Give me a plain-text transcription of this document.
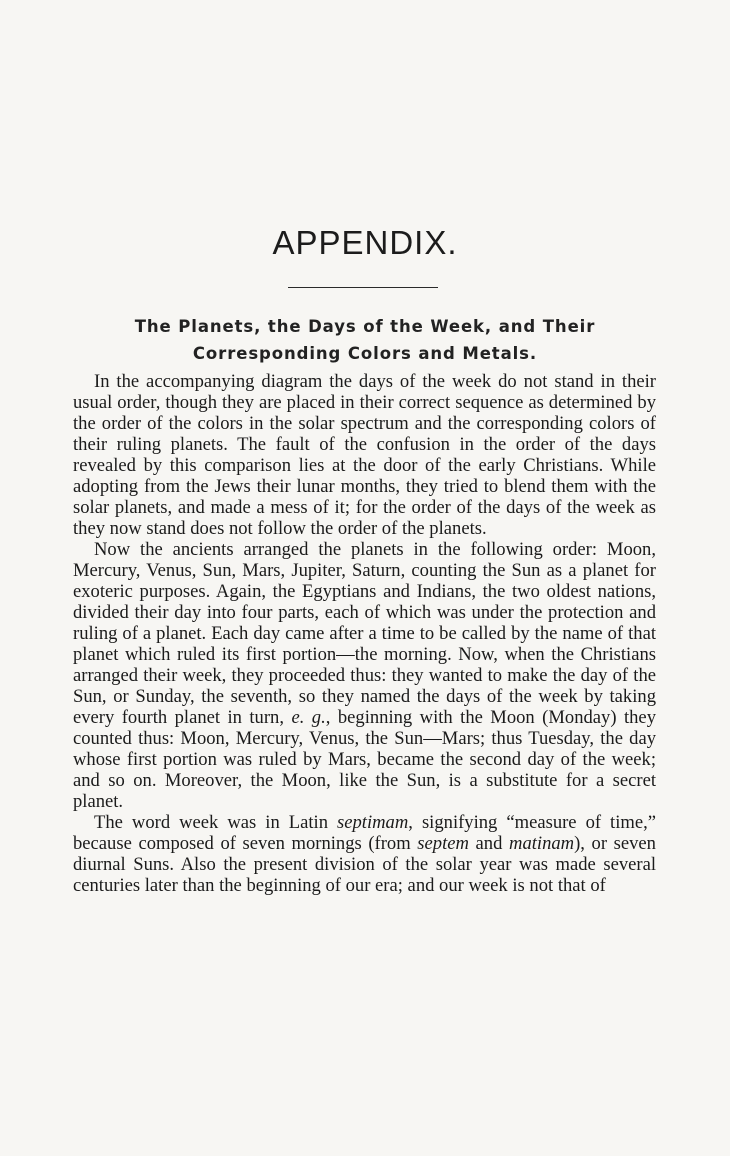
APPENDIX.
The Planets, the Days of the Week, and Their
Corresponding Colors and Metals.

In the accompanying diagram the days of the week do not stand in their usual order, though they are placed in their correct sequence as determined by the order of the colors in the solar spectrum and the corresponding colors of their ruling planets. The fault of the confusion in the order of the days revealed by this comparison lies at the door of the early Christians. While adopting from the Jews their lunar months, they tried to blend them with the solar planets, and made a mess of it; for the order of the days of the week as they now stand does not follow the order of the planets.

Now the ancients arranged the planets in the following order: Moon, Mercury, Venus, Sun, Mars, Jupiter, Saturn, counting the Sun as a planet for exoteric purposes. Again, the Egyptians and Indians, the two oldest nations, divided their day into four parts, each of which was under the protection and ruling of a planet. Each day came after a time to be called by the name of that planet which ruled its first portion—the morning. Now, when the Christians arranged their week, they proceeded thus: they wanted to make the day of the Sun, or Sunday, the seventh, so they named the days of the week by taking every fourth planet in turn, e. g., beginning with the Moon (Monday) they counted thus: Moon, Mercury, Venus, the Sun—Mars; thus Tuesday, the day whose first portion was ruled by Mars, became the second day of the week; and so on. Moreover, the Moon, like the Sun, is a substitute for a secret planet.

The word week was in Latin septimam, signifying “measure of time,” because composed of seven mornings (from septem and matinam), or seven diurnal Suns. Also the present division of the solar year was made several centuries later than the beginning of our era; and our week is not that of
